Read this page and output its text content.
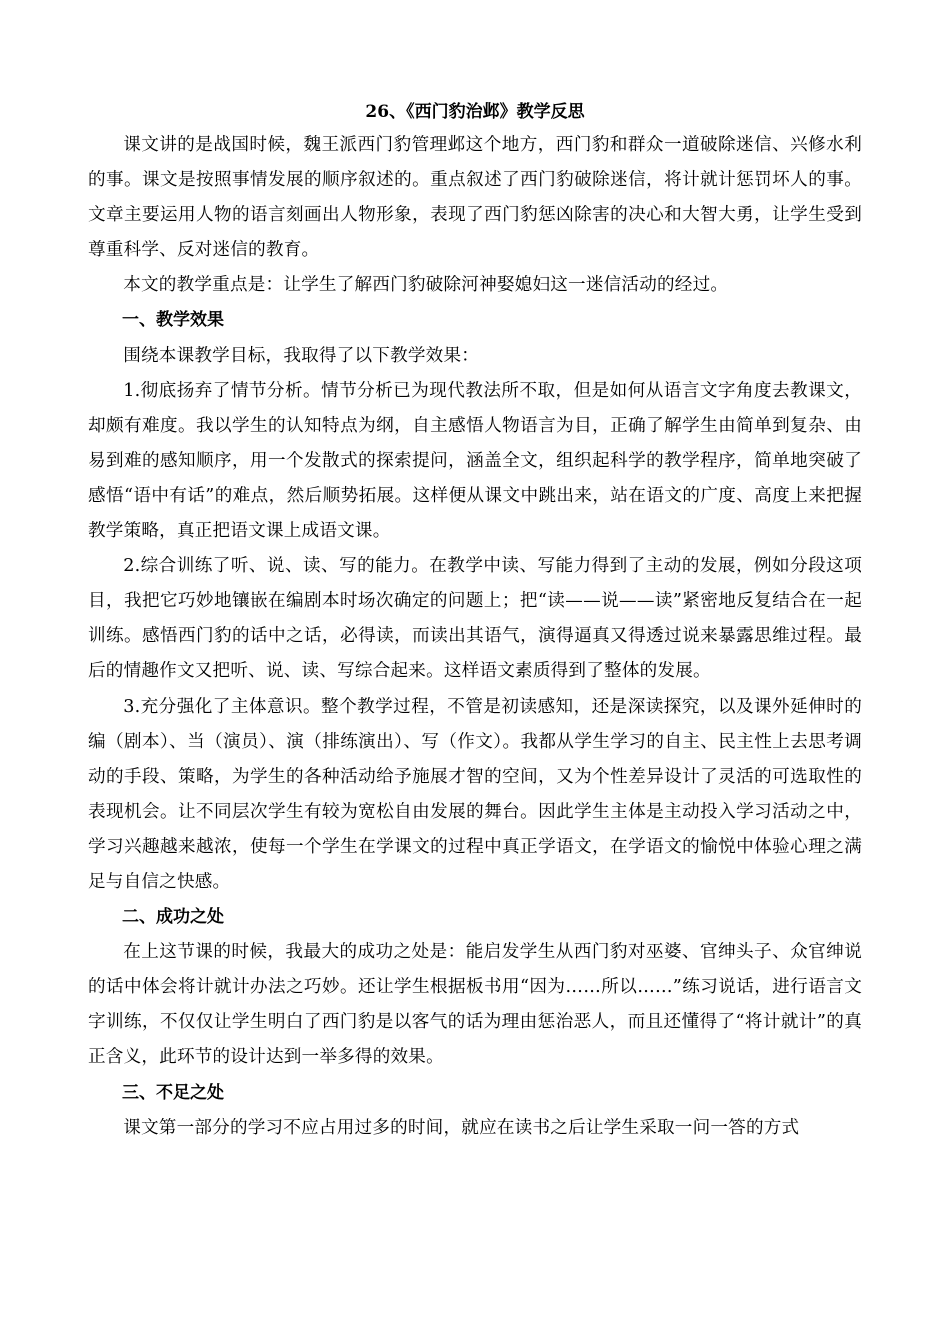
26、《西门豹治邺》教学反思

课文讲的是战国时候，魏王派西门豹管理邺这个地方，西门豹和群众一道破除迷信、兴修水利的事。课文是按照事情发展的顺序叙述的。重点叙述了西门豹破除迷信，将计就计惩罚坏人的事。文章主要运用人物的语言刻画出人物形象，表现了西门豹惩凶除害的决心和大智大勇，让学生受到尊重科学、反对迷信的教育。

本文的教学重点是：让学生了解西门豹破除河神娶媳妇这一迷信活动的经过。

一、教学效果

围绕本课教学目标，我取得了以下教学效果：

1.彻底扬弃了情节分析。情节分析已为现代教法所不取，但是如何从语言文字角度去教课文，却颇有难度。我以学生的认知特点为纲，自主感悟人物语言为目，正确了解学生由简单到复杂、由易到难的感知顺序，用一个发散式的探索提问，涵盖全文，组织起科学的教学程序，简单地突破了感悟“语中有话”的难点，然后顺势拓展。这样便从课文中跳出来，站在语文的广度、高度上来把握教学策略，真正把语文课上成语文课。

2.综合训练了听、说、读、写的能力。在教学中读、写能力得到了主动的发展，例如分段这项目，我把它巧妙地镶嵌在编剧本时场次确定的问题上；把“读——说——读”紧密地反复结合在一起训练。感悟西门豹的话中之话，必得读，而读出其语气，演得逼真又得透过说来暴露思维过程。最后的情趣作文又把听、说、读、写综合起来。这样语文素质得到了整体的发展。

3.充分强化了主体意识。整个教学过程，不管是初读感知，还是深读探究，以及课外延伸时的编（剧本）、当（演员）、演（排练演出）、写（作文）。我都从学生学习的自主、民主性上去思考调动的手段、策略，为学生的各种活动给予施展才智的空间，又为个性差异设计了灵活的可选取性的表现机会。让不同层次学生有较为宽松自由发展的舞台。因此学生主体是主动投入学习活动之中，学习兴趣越来越浓，使每一个学生在学课文的过程中真正学语文，在学语文的愉悦中体验心理之满足与自信之快感。

二、成功之处

在上这节课的时候，我最大的成功之处是：能启发学生从西门豹对巫婆、官绅头子、众官绅说的话中体会将计就计办法之巧妙。还让学生根据板书用“因为……所以……”练习说话，进行语言文字训练，不仅仅让学生明白了西门豹是以客气的话为理由惩治恶人，而且还懂得了“将计就计”的真正含义，此环节的设计达到一举多得的效果。

三、不足之处

课文第一部分的学习不应占用过多的时间，就应在读书之后让学生采取一问一答的方式
